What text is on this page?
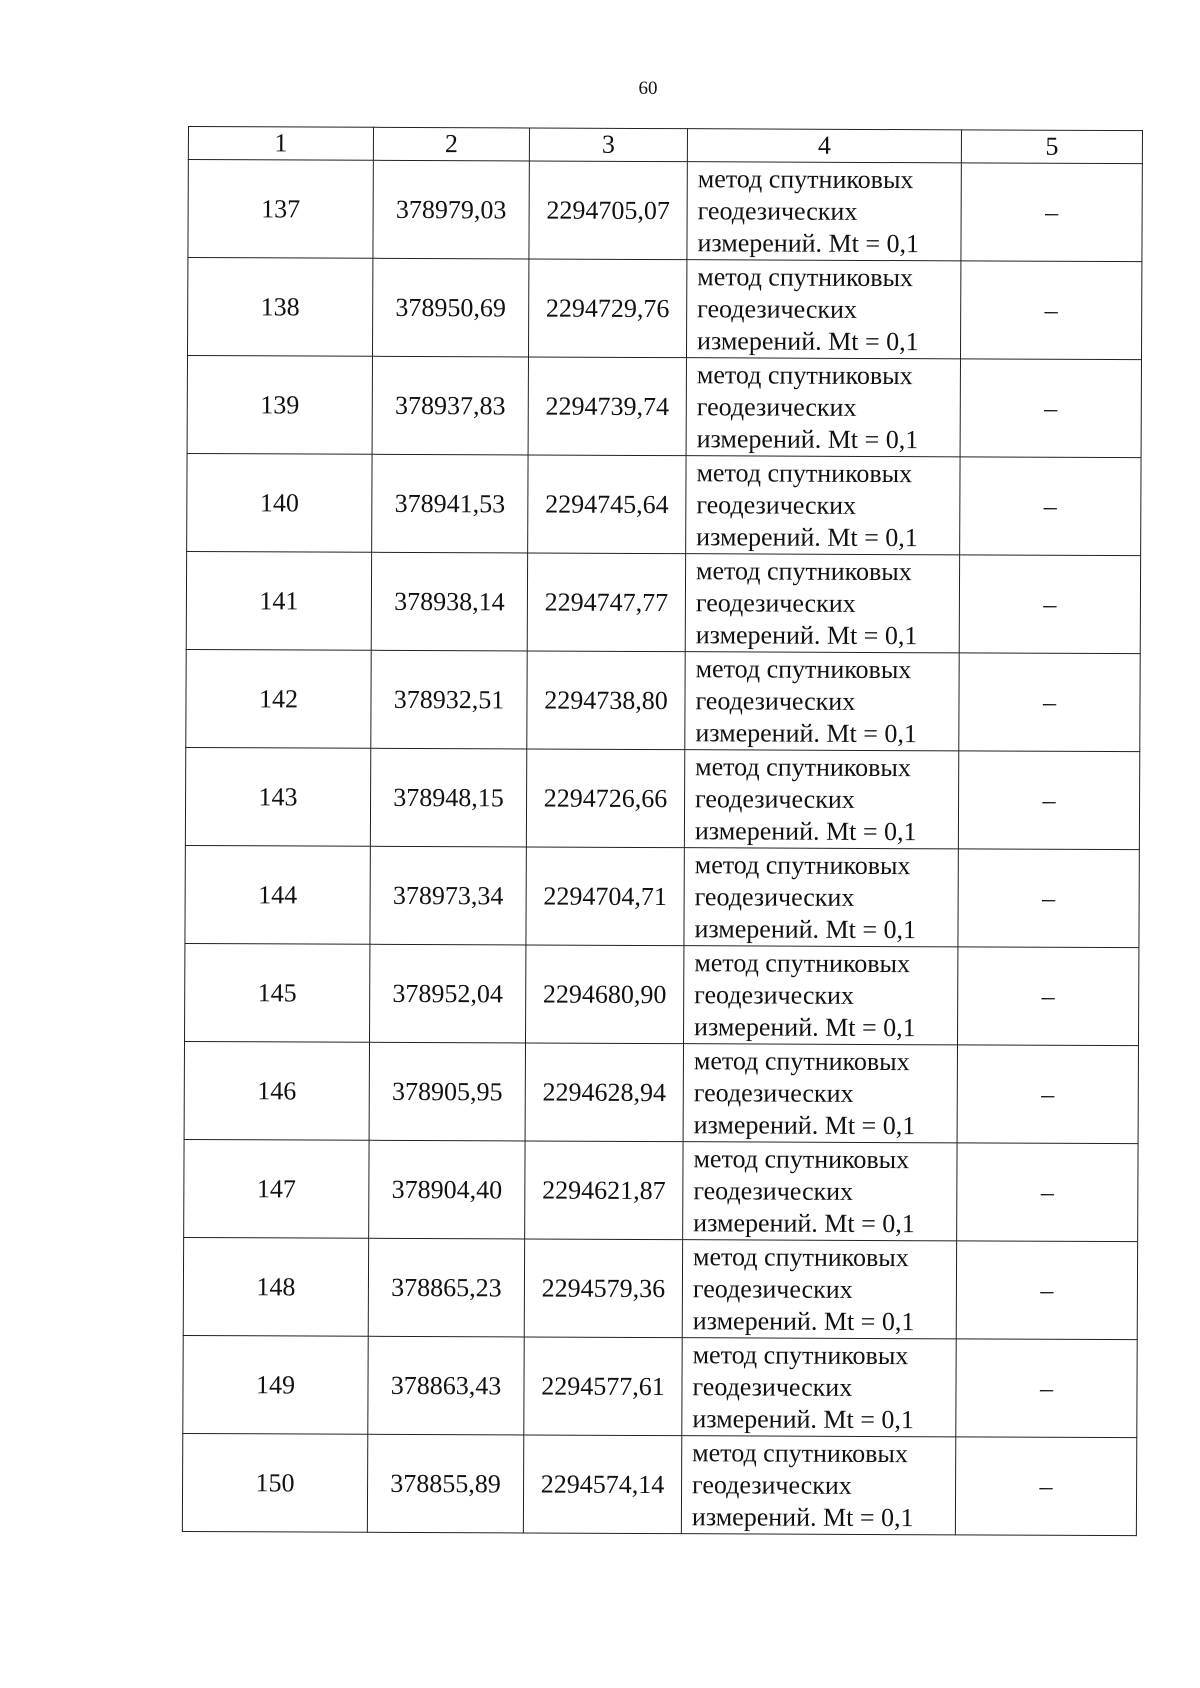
60
1	2	3	4	5
137	378979,03	2294705,07	метод спутниковых
геодезических
измерений. Mt = 0,1	–
138	378950,69	2294729,76	метод спутниковых
геодезических
измерений. Mt = 0,1	–
139	378937,83	2294739,74	метод спутниковых
геодезических
измерений. Mt = 0,1	–
140	378941,53	2294745,64	метод спутниковых
геодезических
измерений. Mt = 0,1	–
141	378938,14	2294747,77	метод спутниковых
геодезических
измерений. Mt = 0,1	–
142	378932,51	2294738,80	метод спутниковых
геодезических
измерений. Mt = 0,1	–
143	378948,15	2294726,66	метод спутниковых
геодезических
измерений. Mt = 0,1	–
144	378973,34	2294704,71	метод спутниковых
геодезических
измерений. Mt = 0,1	–
145	378952,04	2294680,90	метод спутниковых
геодезических
измерений. Mt = 0,1	–
146	378905,95	2294628,94	метод спутниковых
геодезических
измерений. Mt = 0,1	–
147	378904,40	2294621,87	метод спутниковых
геодезических
измерений. Mt = 0,1	–
148	378865,23	2294579,36	метод спутниковых
геодезических
измерений. Mt = 0,1	–
149	378863,43	2294577,61	метод спутниковых
геодезических
измерений. Mt = 0,1	–
150	378855,89	2294574,14	метод спутниковых
геодезических
измерений. Mt = 0,1	–
